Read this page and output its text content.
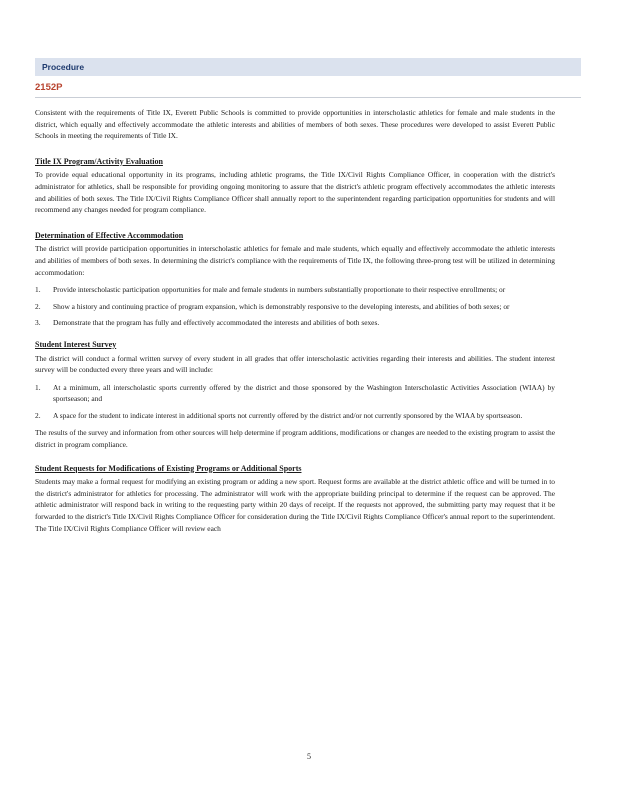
Procedure
2152P

Consistent with the requirements of Title IX, Everett Public Schools is committed to provide opportunities in interscholastic athletics for female and male students in the district, which equally and effectively accommodate the athletic interests and abilities of members of both sexes. These procedures were developed to assist Everett Public Schools in meeting the requirements of Title IX.

Title IX Program/Activity Evaluation

To provide equal educational opportunity in its programs, including athletic programs, the Title IX/Civil Rights Compliance Officer, in cooperation with the district's administrator for athletics, shall be responsible for providing ongoing monitoring to assure that the district's athletic program effectively accommodates the athletic interests and abilities of both sexes. The Title IX/Civil Rights Compliance Officer shall annually report to the superintendent regarding participation opportunities for students and will recommend any changes needed for program compliance.

Determination of Effective Accommodation

The district will provide participation opportunities in interscholastic athletics for female and male students, which equally and effectively accommodate the athletic interests and abilities of members of both sexes. In determining the district's compliance with the requirements of Title IX, the following three-prong test will be utilized in determining accommodation:

1. Provide interscholastic participation opportunities for male and female students in numbers substantially proportionate to their respective enrollments; or
2. Show a history and continuing practice of program expansion, which is demonstrably responsive to the developing interests, and abilities of both sexes; or
3. Demonstrate that the program has fully and effectively accommodated the interests and abilities of both sexes.
Student Interest Survey

The district will conduct a formal written survey of every student in all grades that offer interscholastic activities regarding their interests and abilities. The student interest survey will be conducted every three years and will include:

1. At a minimum, all interscholastic sports currently offered by the district and those sponsored by the Washington Interscholastic Activities Association (WIAA) by sportseason; and
2. A space for the student to indicate interest in additional sports not currently offered by the district and/or not currently sponsored by the WIAA by sportseason.

The results of the survey and information from other sources will help determine if program additions, modifications or changes are needed to the existing program to assist the district in program compliance.

Student Requests for Modifications of Existing Programs or Additional Sports

Students may make a formal request for modifying an existing program or adding a new sport. Request forms are available at the district athletic office and will be turned in to the district's administrator for athletics for processing. The administrator will work with the appropriate building principal to determine if the request can be approved. The athletic administrator will respond back in writing to the requesting party within 20 days of receipt. If the requests not approved, the submitting party may request that it be forwarded to the district's Title IX/Civil Rights Compliance Officer for consideration during the Title IX/Civil Rights Compliance Officer's annual report to the superintendent. The Title IX/Civil Rights Compliance Officer will review each

5
